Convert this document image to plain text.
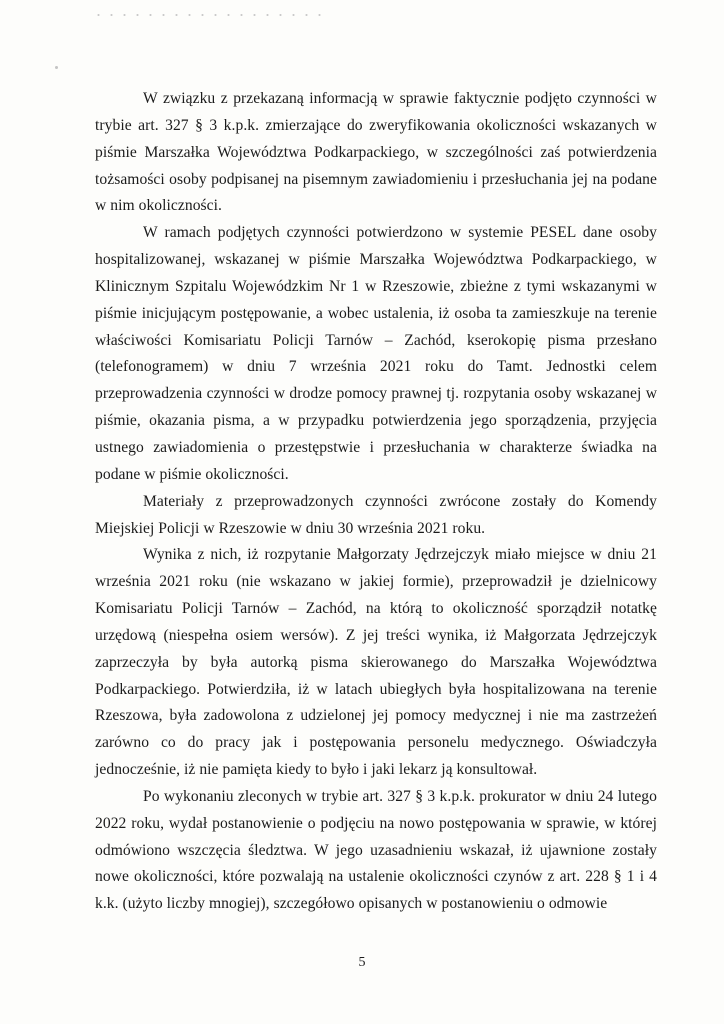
W związku z przekazaną informacją w sprawie faktycznie podjęto czynności w trybie art. 327 § 3 k.p.k. zmierzające do zweryfikowania okoliczności wskazanych w piśmie Marszałka Województwa Podkarpackiego, w szczególności zaś potwierdzenia tożsamości osoby podpisanej na pisemnym zawiadomieniu i przesłuchania jej na podane w nim okoliczności.

W ramach podjętych czynności potwierdzono w systemie PESEL dane osoby hospitalizowanej, wskazanej w piśmie Marszałka Województwa Podkarpackiego, w Klinicznym Szpitalu Wojewódzkim Nr 1 w Rzeszowie, zbieżne z tymi wskazanymi w piśmie inicjującym postępowanie, a wobec ustalenia, iż osoba ta zamieszkuje na terenie właściwości Komisariatu Policji Tarnów – Zachód, kserokopię pisma przesłano (telefonogramem) w dniu 7 września 2021 roku do Tamt. Jednostki celem przeprowadzenia czynności w drodze pomocy prawnej tj. rozpytania osoby wskazanej w piśmie, okazania pisma, a w przypadku potwierdzenia jego sporządzenia, przyjęcia ustnego zawiadomienia o przestępstwie i przesłuchania w charakterze świadka na podane w piśmie okoliczności.

Materiały z przeprowadzonych czynności zwrócone zostały do Komendy Miejskiej Policji w Rzeszowie w dniu 30 września 2021 roku.

Wynika z nich, iż rozpytanie Małgorzaty Jędrzejczyk miało miejsce w dniu 21 września 2021 roku (nie wskazano w jakiej formie), przeprowadził je dzielnicowy Komisariatu Policji Tarnów – Zachód, na którą to okoliczność sporządził notatkę urzędową (niespełna osiem wersów). Z jej treści wynika, iż Małgorzata Jędrzejczyk zaprzeczyła by była autorką pisma skierowanego do Marszałka Województwa Podkarpackiego. Potwierdziła, iż w latach ubiegłych była hospitalizowana na terenie Rzeszowa, była zadowolona z udzielonej jej pomocy medycznej i nie ma zastrzeżeń zarówno co do pracy jak i postępowania personelu medycznego. Oświadczyła jednocześnie, iż nie pamięta kiedy to było i jaki lekarz ją konsultował.

Po wykonaniu zleconych w trybie art. 327 § 3 k.p.k. prokurator w dniu 24 lutego 2022 roku, wydał postanowienie o podjęciu na nowo postępowania w sprawie, w której odmówiono wszczęcia śledztwa. W jego uzasadnieniu wskazał, iż ujawnione zostały nowe okoliczności, które pozwalają na ustalenie okoliczności czynów z art. 228 § 1 i 4 k.k. (użyto liczby mnogiej), szczegółowo opisanych w postanowieniu o odmowie

5
